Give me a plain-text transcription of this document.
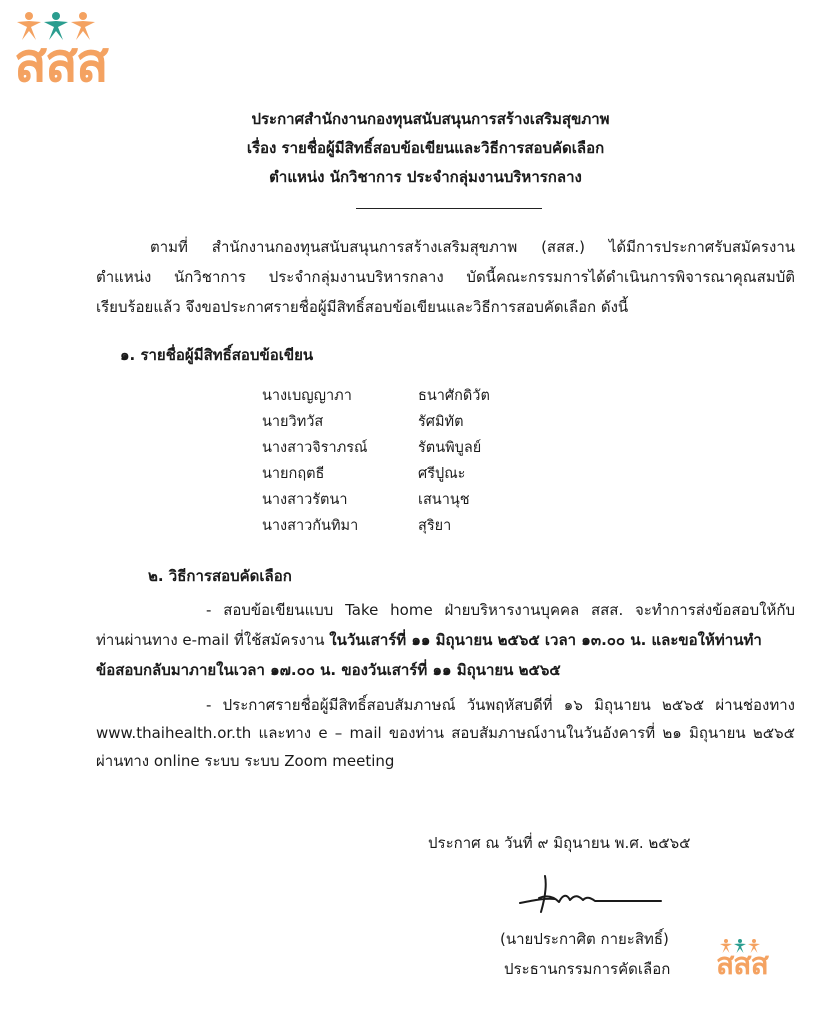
สสส
ประกาศสำนักงานกองทุนสนับสนุนการสร้างเสริมสุขภาพ
เรื่อง รายชื่อผู้มีสิทธิ์สอบข้อเขียนและวิธีการสอบคัดเลือก
ตำแหน่ง นักวิชาการ ประจำกลุ่มงานบริหารกลาง
ตามที่ สำนักงานกองทุนสนับสนุนการสร้างเสริมสุขภาพ (สสส.) ได้มีการประกาศรับสมัครงาน
ตำแหน่ง นักวิชาการ ประจำกลุ่มงานบริหารกลาง บัดนี้คณะกรรมการได้ดำเนินการพิจารณาคุณสมบัติ
เรียบร้อยแล้ว จึงขอประกาศรายชื่อผู้มีสิทธิ์สอบข้อเขียนและวิธีการสอบคัดเลือก ดังนี้
๑. รายชื่อผู้มีสิทธิ์สอบข้อเขียน
นางเบญญาภา	ธนาศักดิวัต
นายวิทวัส	รัศมิทัต
นางสาวจิราภรณ์	รัตนพิบูลย์
นายกฤตธี	ศรีปูณะ
นางสาวรัตนา	เสนานุช
นางสาวกันทิมา	สุริยา
๒. วิธีการสอบคัดเลือก
- สอบข้อเขียนแบบ Take home ฝ่ายบริหารงานบุคคล สสส. จะทำการส่งข้อสอบให้กับ
ท่านผ่านทาง e-mail ที่ใช้สมัครงาน ในวันเสาร์ที่ ๑๑ มิถุนายน ๒๕๖๕ เวลา ๑๓.๐๐ น. และขอให้ท่านทำ
ข้อสอบกลับมาภายในเวลา ๑๗.๐๐ น. ของวันเสาร์ที่ ๑๑ มิถุนายน ๒๕๖๕
- ประกาศรายชื่อผู้มีสิทธิ์สอบสัมภาษณ์ วันพฤหัสบดีที่ ๑๖ มิถุนายน ๒๕๖๕ ผ่านช่องทาง
www.thaihealth.or.th และทาง e – mail ของท่าน สอบสัมภาษณ์งานในวันอังคารที่ ๒๑ มิถุนายน ๒๕๖๕
ผ่านทาง online ระบบ ระบบ Zoom meeting
ประกาศ ณ วันที่ ๙ มิถุนายน พ.ศ. ๒๕๖๕
(นายประกาศิต กายะสิทธิ์)
ประธานกรรมการคัดเลือก สสส
